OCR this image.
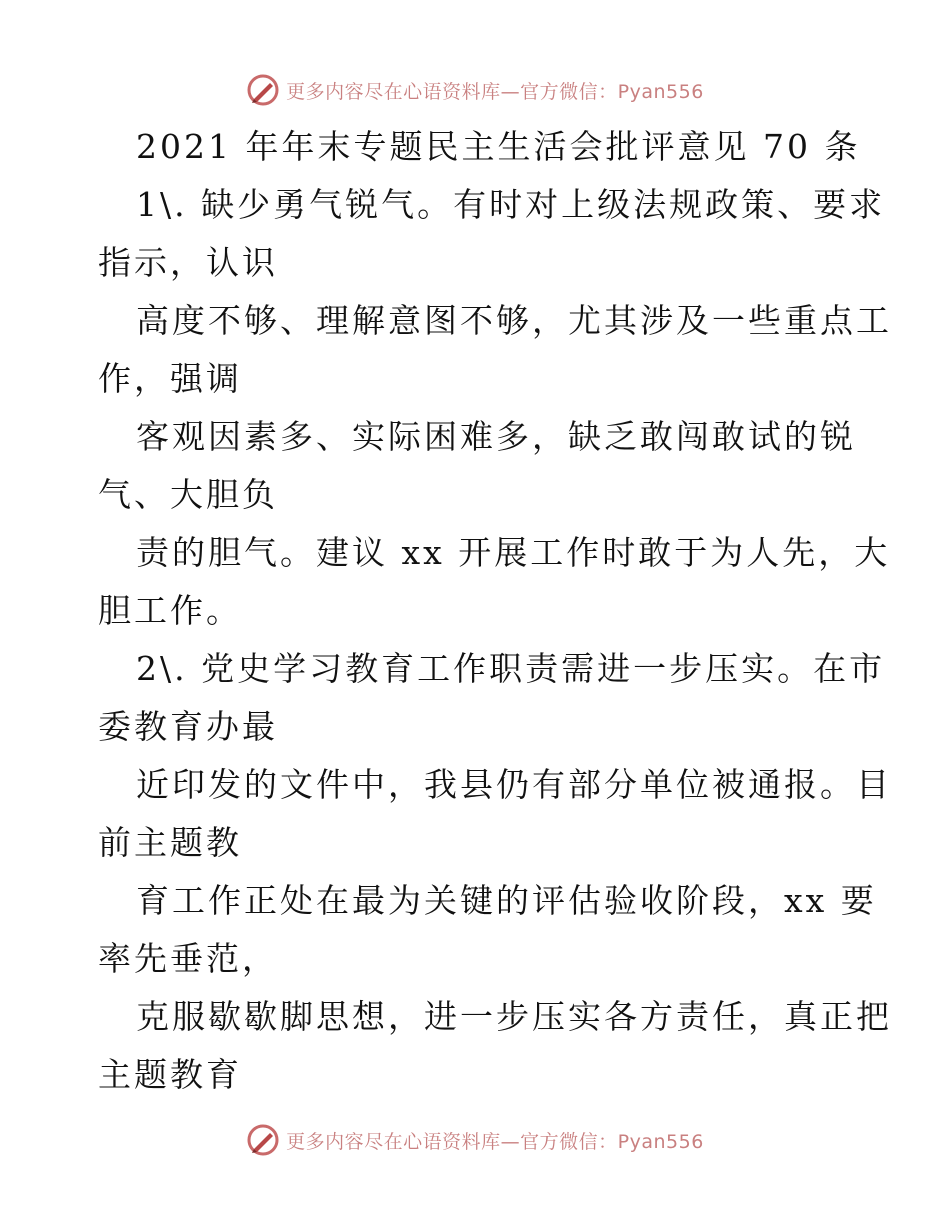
更多内容尽在心语资料库—官方微信：Pyan556
2021 年年末专题民主生活会批评意见 70 条
1\. 缺少勇气锐气。有时对上级法规政策、要求
指示，认识
高度不够、理解意图不够，尤其涉及一些重点工
作，强调
客观因素多、实际困难多，缺乏敢闯敢试的锐
气、大胆负
责的胆气。建议 xx 开展工作时敢于为人先，大
胆工作。
2\. 党史学习教育工作职责需进一步压实。在市
委教育办最
近印发的文件中，我县仍有部分单位被通报。目
前主题教
育工作正处在最为关键的评估验收阶段，xx 要
率先垂范，
克服歇歇脚思想，进一步压实各方责任，真正把
主题教育
更多内容尽在心语资料库—官方微信：Pyan556
